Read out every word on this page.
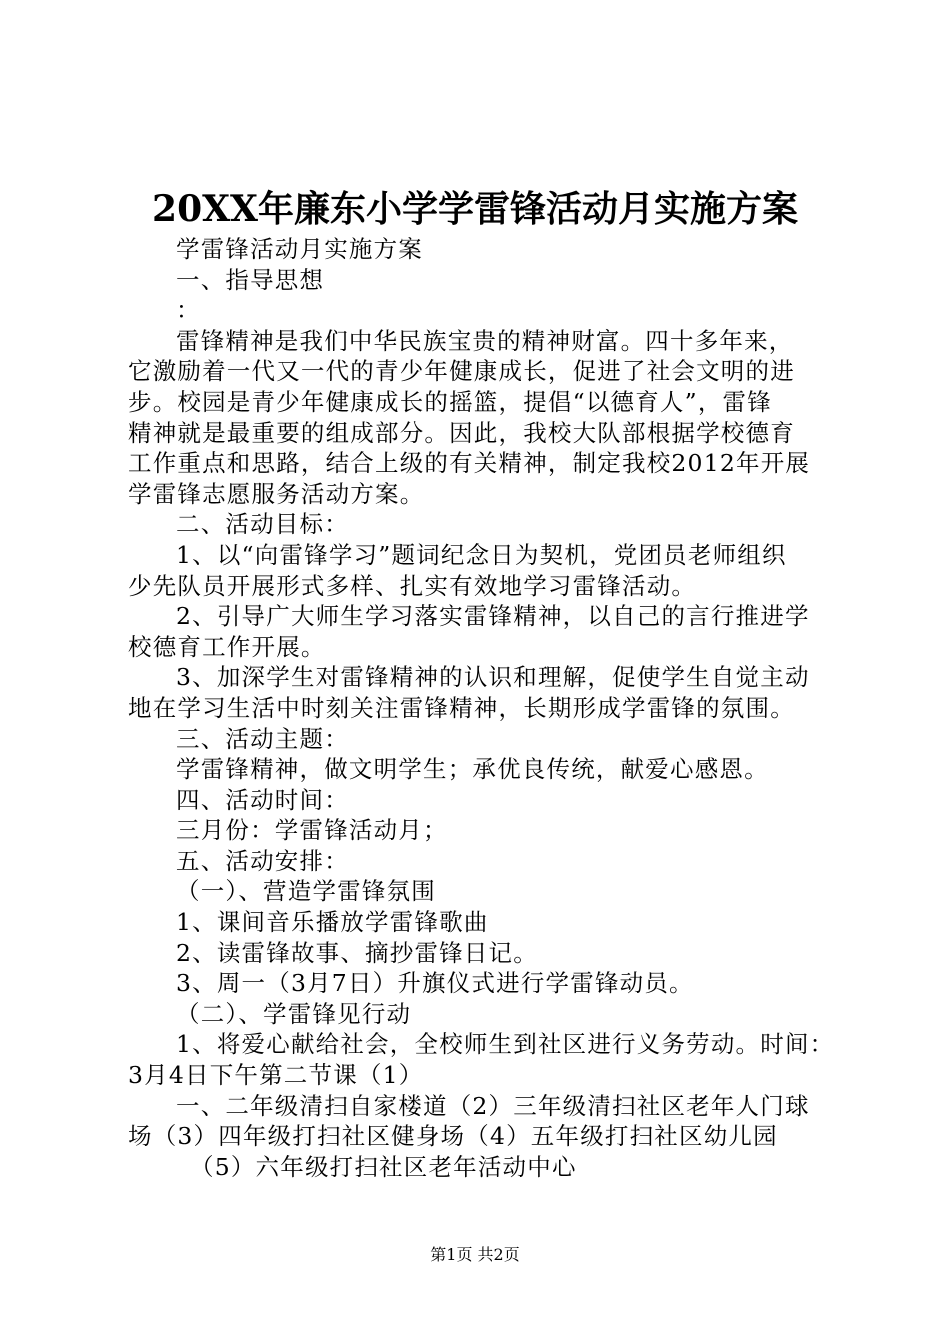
20XX年廉东小学学雷锋活动月实施方案
学雷锋活动月实施方案
一、指导思想
：
雷锋精神是我们中华民族宝贵的精神财富。四十多年来，
它激励着一代又一代的青少年健康成长，促进了社会文明的进
步。校园是青少年健康成长的摇篮，提倡“以德育人”，雷锋
精神就是最重要的组成部分。因此，我校大队部根据学校德育
工作重点和思路，结合上级的有关精神，制定我校2012年开展
学雷锋志愿服务活动方案。
二、活动目标：
1、以“向雷锋学习”题词纪念日为契机，党团员老师组织
少先队员开展形式多样、扎实有效地学习雷锋活动。
2、引导广大师生学习落实雷锋精神，以自己的言行推进学
校德育工作开展。
3、加深学生对雷锋精神的认识和理解，促使学生自觉主动
地在学习生活中时刻关注雷锋精神，长期形成学雷锋的氛围。
三、活动主题：
学雷锋精神，做文明学生；承优良传统，献爱心感恩。
四、活动时间：
三月份：学雷锋活动月；
五、活动安排：
（一）、营造学雷锋氛围
1、课间音乐播放学雷锋歌曲
2、读雷锋故事、摘抄雷锋日记。
3、周一（3月7日）升旗仪式进行学雷锋动员。
（二）、学雷锋见行动
1、将爱心献给社会，全校师生到社区进行义务劳动。时间：
3月4日下午第二节课（1）
一、二年级清扫自家楼道（2）三年级清扫社区老年人门球
场（3）四年级打扫社区健身场（4）五年级打扫社区幼儿园
（5）六年级打扫社区老年活动中心
第1页 共2页
